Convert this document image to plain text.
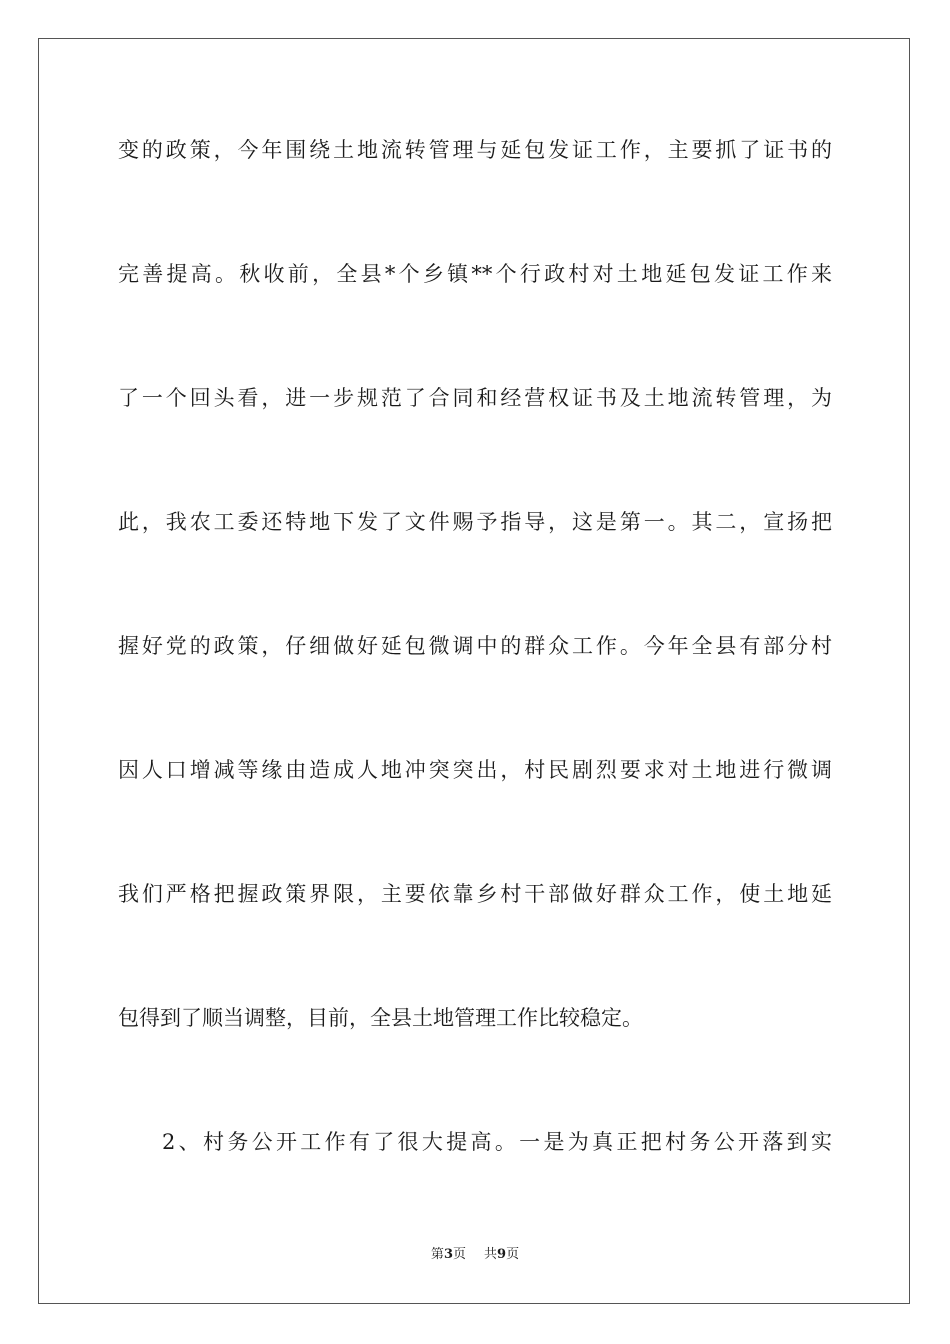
变的政策，今年围绕土地流转管理与延包发证工作，主要抓了证书的
完善提高。秋收前，全县*个乡镇**个行政村对土地延包发证工作来
了一个回头看，进一步规范了合同和经营权证书及土地流转管理，为
此，我农工委还特地下发了文件赐予指导，这是第一。其二，宣扬把
握好党的政策，仔细做好延包微调中的群众工作。今年全县有部分村
因人口增减等缘由造成人地冲突突出，村民剧烈要求对土地进行微调
我们严格把握政策界限，主要依靠乡村干部做好群众工作，使土地延
包得到了顺当调整，目前，全县土地管理工作比较稳定。
2、村务公开工作有了很大提高。一是为真正把村务公开落到实
第3页 共9页
